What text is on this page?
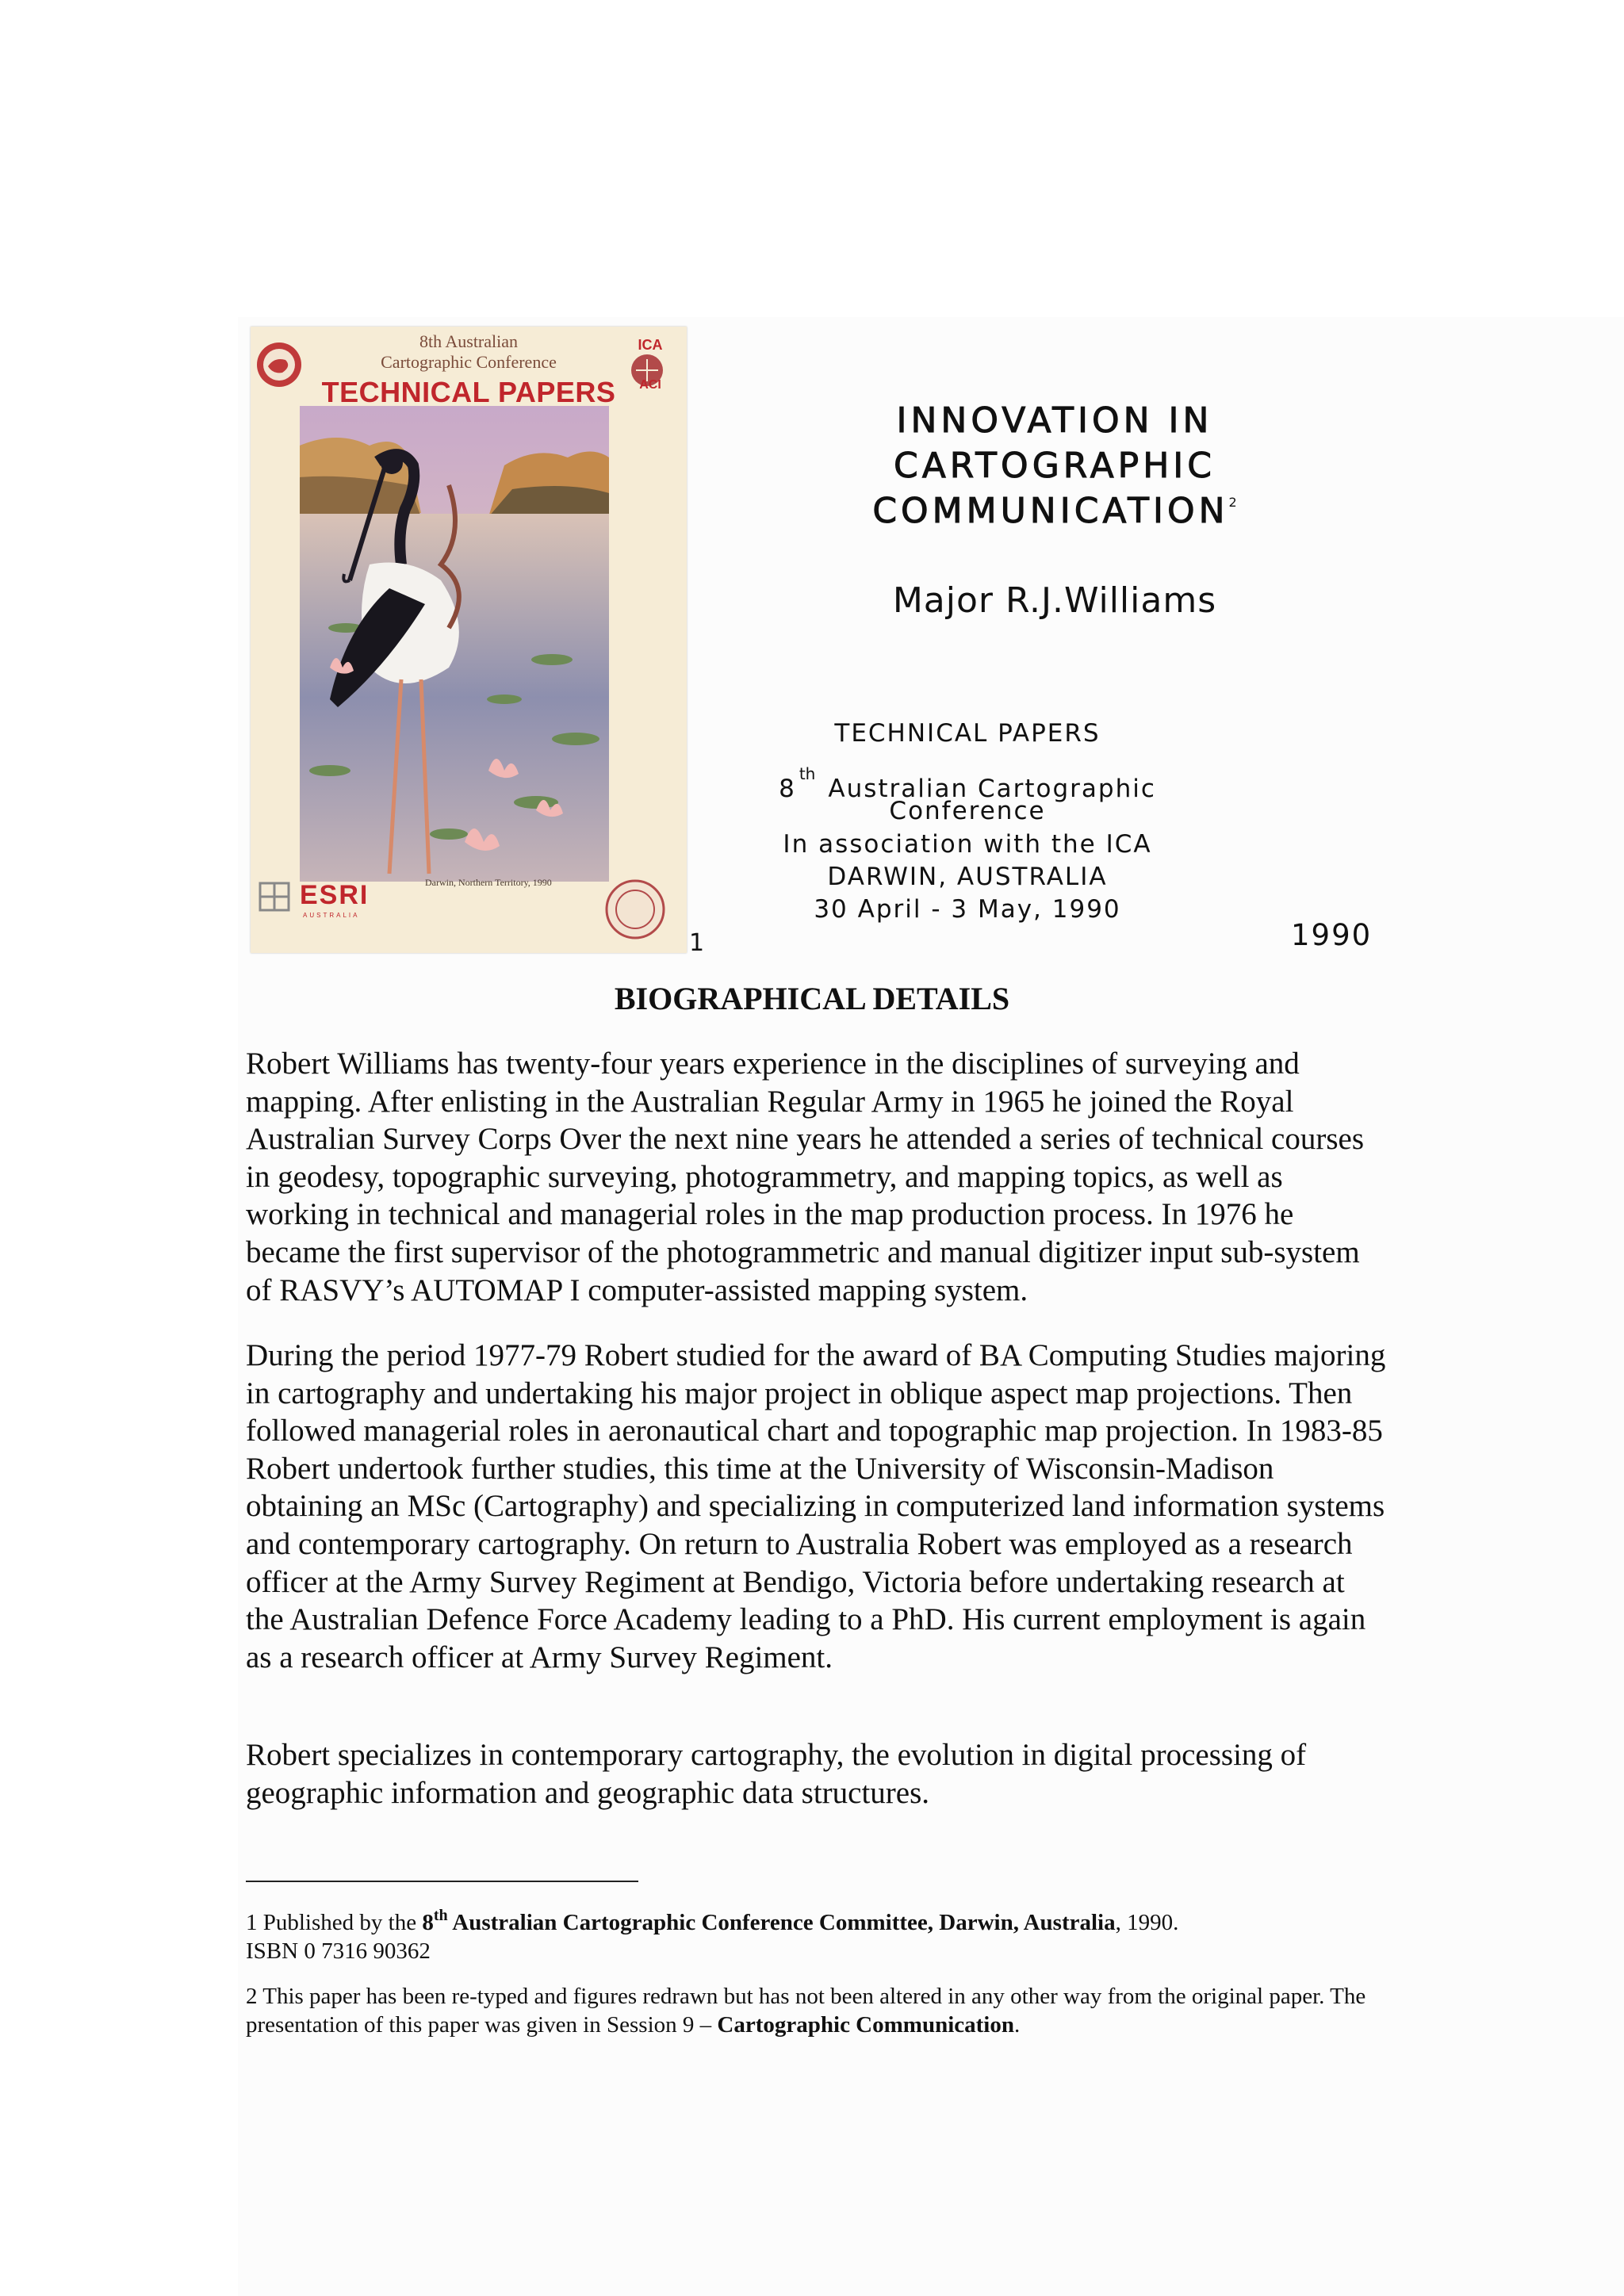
8th Australian
Cartographic Conference
TECHNICAL PAPERS
ICA
ACI
ESRI
AUSTRALIA
Darwin, Northern Territory, 1990
INNOVATION IN
CARTOGRAPHIC
COMMUNICATION$^2$

Major R.J.Williams

TECHNICAL PAPERS
8thAustralian Cartographic
Conference
In association with the ICA
DARWIN, AUSTRALIA
30 April - 3 May, 1990
1	1990
BIOGRAPHICAL DETAILS

Robert Williams has twenty-four years experience in the disciplines of surveying and mapping. After enlisting in the Australian Regular Army in 1965 he joined the Royal Australian Survey Corps Over the next nine years he attended a series of technical courses in geodesy, topographic surveying, photogrammetry, and mapping topics, as well as working in technical and managerial roles in the map production process. In 1976 he became the first supervisor of the photogrammetric and manual digitizer input sub-system of RASVY’s AUTOMAP I computer-assisted mapping system.

During the period 1977-79 Robert studied for the award of BA Computing Studies majoring in cartography and undertaking his major project in oblique aspect map projections. Then followed managerial roles in aeronautical chart and topographic map projection. In 1983-85 Robert undertook further studies, this time at the University of Wisconsin-Madison obtaining an MSc (Cartography) and specializing in computerized land information systems and contemporary cartography. On return to Australia Robert was employed as a research officer at the Army Survey Regiment at Bendigo, Victoria before undertaking research at the Australian Defence Force Academy leading to a PhD. His current employment is again as a research officer at Army Survey Regiment.

Robert specializes in contemporary cartography, the evolution in digital processing of geographic information and geographic data structures.

1 Published by the 8th Australian Cartographic Conference Committee, Darwin, Australia, 1990.
ISBN 0 7316 90362

2 This paper has been re-typed and figures redrawn but has not been altered in any other way from the original paper. The presentation of this paper was given in Session 9 – Cartographic Communication.
